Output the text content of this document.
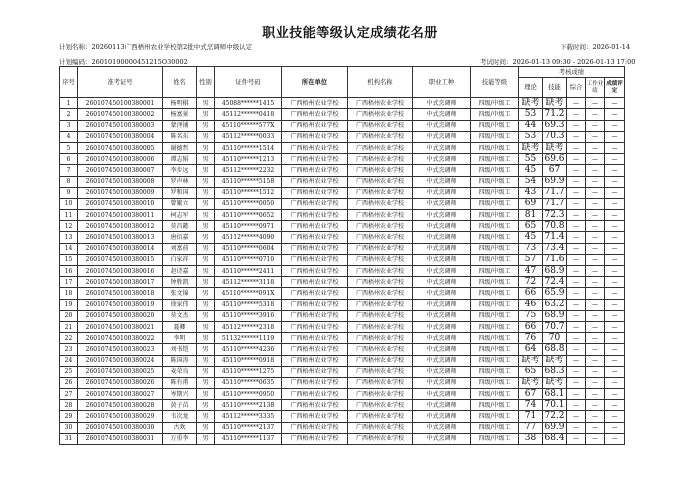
职业技能等级认定成绩花名册
计划名称：20260113广西梧州农业学校第2批中式烹调师中级认定	下载时间：2026-01-14
计划编码：26010190000451215O30002	考试时间：2026-01-13 09:30 - 2026-01-13 17:00
序号	准考证号	姓名	性别	证件号码	所在单位	机构名称	职业工种	技能等级	考核成绩				
									理论	技能	综合	工作业绩	成绩评定
1	260107450100380001	杨明棋	男	45088******1415	广西梧州农业学校	广西梧州农业学校	中式烹调师	四级/中级工	缺考	缺考	—	—	—
2	260107450100380002	杨富景	男	45112******0418	广西梧州农业学校	广西梧州农业学校	中式烹调师	四级/中级工	53	71.2	—	—	—
3	260107450100380003	蒙泽铺	男	45110******577X	广西梧州农业学校	广西梧州农业学校	中式烹调师	四级/中级工	44	69.3	—	—	—
4	260107450100380004	陈名东	男	45112******0033	广西梧州农业学校	广西梧州农业学校	中式烹调师	四级/中级工	53	70.3	—	—	—
5	260107450100380005	谢德哲	男	45110******1514	广西梧州农业学校	广西梧州农业学校	中式烹调师	四级/中级工	缺考	缺考	—	—	—
6	260107450100380006	谭志韬	男	45110******1213	广西梧州农业学校	广西梧州农业学校	中式烹调师	四级/中级工	55	69.6	—	—	—
7	260107450100380007	李步远	男	45112******2232	广西梧州农业学校	广西梧州农业学校	中式烹调师	四级/中级工	45	67	—	—	—
8	260107450100380008	罗声林	男	45110******5158	广西梧州农业学校	广西梧州农业学校	中式烹调师	四级/中级工	54	69.9	—	—	—
9	260107450100380009	罗和国	男	45110******1512	广西梧州农业学校	广西梧州农业学校	中式烹调师	四级/中级工	43	71.7	—	—	—
10	260107450100380010	曾繁立	男	45110******0050	广西梧州农业学校	广西梧州农业学校	中式烹调师	四级/中级工	69	71.7	—	—	—
11	260107450100380011	柯志军	男	45110******0652	广西梧州农业学校	广西梧州农业学校	中式烹调师	四级/中级工	81	72.3	—	—	—
12	260107450100380012	莫昌懿	男	45110******0971	广西梧州农业学校	广西梧州农业学校	中式烹调师	四级/中级工	65	70.8	—	—	—
13	260107450100380013	唐佰嘉	男	45112******4090	广西梧州农业学校	广西梧州农业学校	中式烹调师	四级/中级工	45	71.4	—	—	—
14	260107450100380014	刘富前	男	45110******0604	广西梧州农业学校	广西梧州农业学校	中式烹调师	四级/中级工	73	73.4	—	—	—
15	260107450100380015	白家祥	男	45110******0710	广西梧州农业学校	广西梧州农业学校	中式烹调师	四级/中级工	57	71.6	—	—	—
16	260107450100380016	赵诗嘉	男	45110******2411	广西梧州农业学校	广西梧州农业学校	中式烹调师	四级/中级工	47	68.9	—	—	—
17	260107450100380017	钟胜凯	男	45112******3118	广西梧州农业学校	广西梧州农业学校	中式烹调师	四级/中级工	72	72.4	—	—	—
18	260107450100380018	张文锦	男	45110******091X	广西梧州农业学校	广西梧州农业学校	中式烹调师	四级/中级工	66	65.9	—	—	—
19	260107450100380019	徐家伟	男	45110******5318	广西梧州农业学校	广西梧州农业学校	中式烹调师	四级/中级工	46	63.2	—	—	—
20	260107450100380020	莫文杰	男	45110******3916	广西梧州农业学校	广西梧州农业学校	中式烹调师	四级/中级工	75	68.9	—	—	—
21	260107450100380021	聂卿	男	45112******2318	广西梧州农业学校	广西梧州农业学校	中式烹调师	四级/中级工	66	70.7	—	—	—
22	260107450100380022	李明	男	51132******1119	广西梧州农业学校	广西梧州农业学校	中式烹调师	四级/中级工	76	70	—	—	—
23	260107450100380023	刘书铠	男	45110******4236	广西梧州农业学校	广西梧州农业学校	中式烹调师	四级/中级工	64	68.8	—	—	—
24	260107450100380024	陈国涛	男	45110******0918	广西梧州农业学校	广西梧州农业学校	中式烹调师	四级/中级工	缺考	缺考	—	—	—
25	260107450100380025	麦荣良	男	45110******1275	广西梧州农业学校	广西梧州农业学校	中式烹调师	四级/中级工	65	68.3	—	—	—
26	260107450100380026	陈有甫	男	45110******0635	广西梧州农业学校	广西梧州农业学校	中式烹调师	四级/中级工	缺考	缺考	—	—	—
27	260107450100380027	岑期兴	男	45110******0950	广西梧州农业学校	广西梧州农业学校	中式烹调师	四级/中级工	67	68.1	—	—	—
28	260107450100380028	黄子苗	男	45110******2138	广西梧州农业学校	广西梧州农业学校	中式烹调师	四级/中级工	74	70.1	—	—	—
29	260107450100380029	韦次龙	男	45112******3335	广西梧州农业学校	广西梧州农业学校	中式烹调师	四级/中级工	71	72.2	—	—	—
30	260107450100380030	古欢	男	45110******2137	广西梧州农业学校	广西梧州农业学校	中式烹调师	四级/中级工	77	69.9	—	—	—
31	260107450100380031	万重李	男	45110******1137	广西梧州农业学校	广西梧州农业学校	中式烹调师	四级/中级工	38	68.4	—	—	—
